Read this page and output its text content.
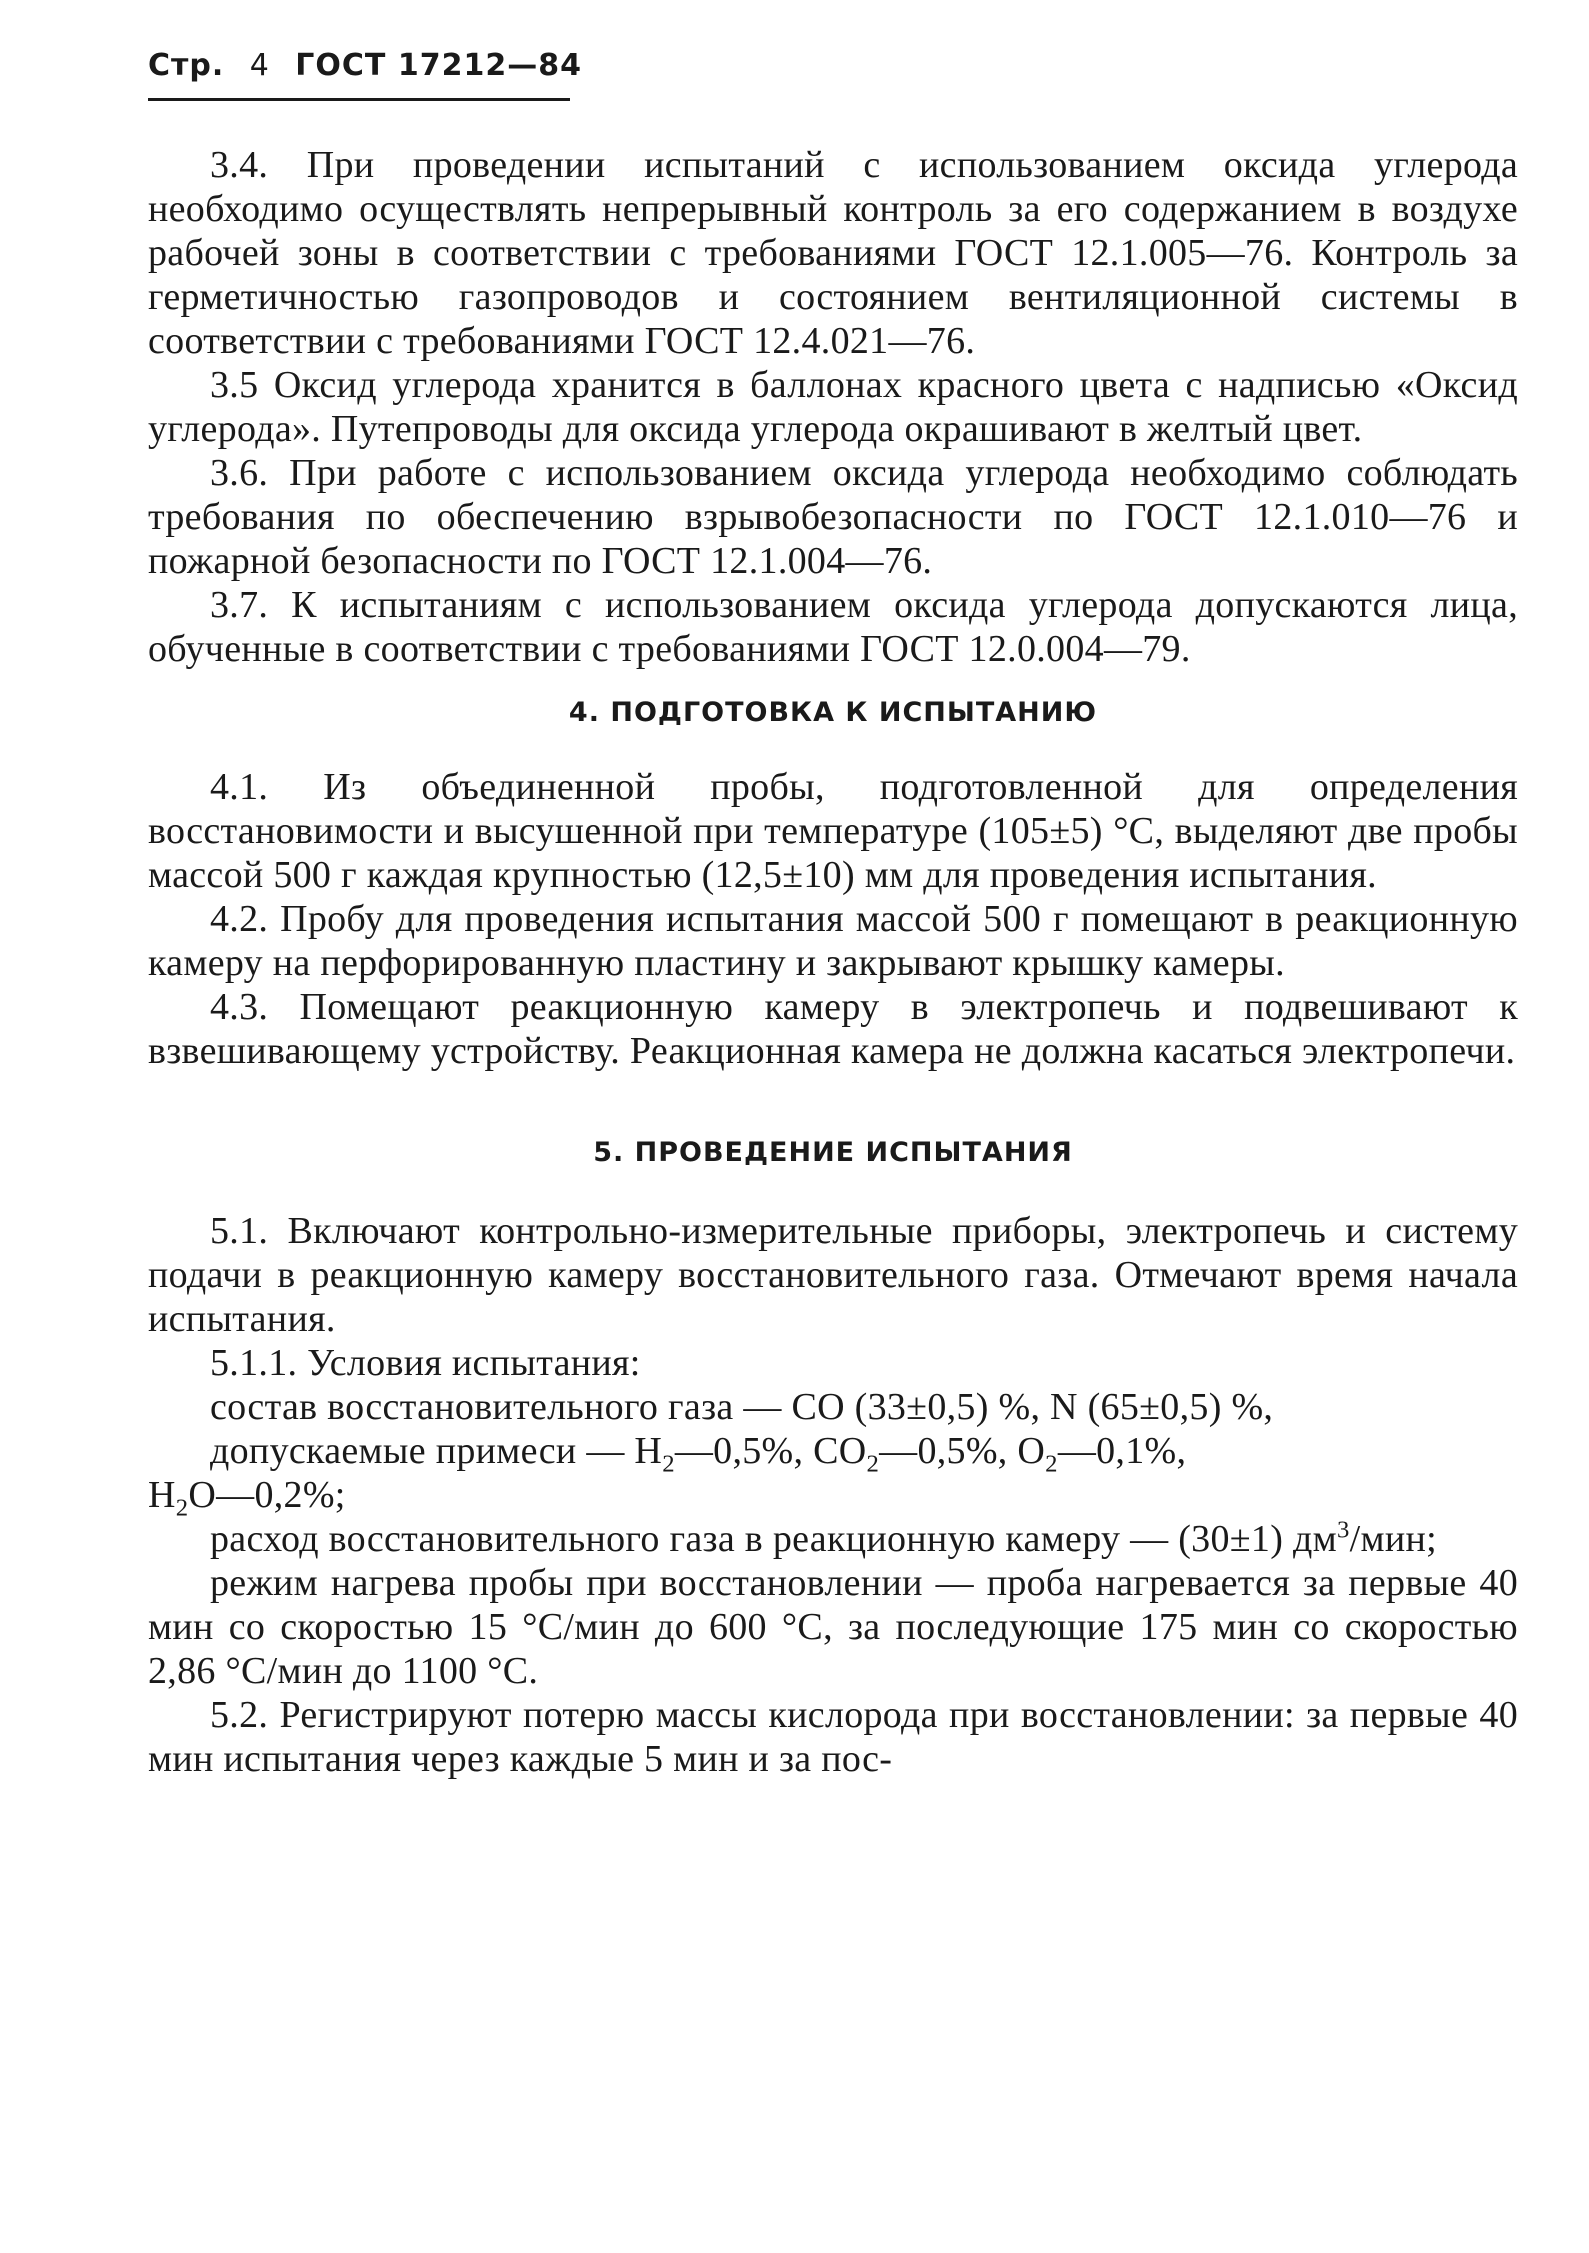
Стр. 4 ГОСТ 17212—84

3.4. При проведении испытаний с использованием оксида углерода необходимо осуществлять непрерывный контроль за его содержанием в воздухе рабочей зоны в соответствии с требованиями ГОСТ 12.1.005—76. Контроль за герметичностью газопроводов и состоянием вентиляционной системы в соответствии с требованиями ГОСТ 12.4.021—76.

3.5 Оксид углерода хранится в баллонах красного цвета с надписью «Оксид углерода». Путепроводы для оксида углерода окрашивают в желтый цвет.

3.6. При работе с использованием оксида углерода необходимо соблюдать требования по обеспечению взрывобезопасности по ГОСТ 12.1.010—76 и пожарной безопасности по ГОСТ 12.1.004—76.

3.7. К испытаниям с использованием оксида углерода допускаются лица, обученные в соответствии с требованиями ГОСТ 12.0.004—79.

4. ПОДГОТОВКА К ИСПЫТАНИЮ

4.1. Из объединенной пробы, подготовленной для определения восстановимости и высушенной при температуре (105±5) °С, выделяют две пробы массой 500 г каждая крупностью (12,5±10) мм для проведения испытания.

4.2. Пробу для проведения испытания массой 500 г помещают в реакционную камеру на перфорированную пластину и закрывают крышку камеры.

4.3. Помещают реакционную камеру в электропечь и подвешивают к взвешивающему устройству. Реакционная камера не должна касаться электропечи.

5. ПРОВЕДЕНИЕ ИСПЫТАНИЯ

5.1. Включают контрольно-измерительные приборы, электропечь и систему подачи в реакционную камеру восстановительного газа. Отмечают время начала испытания.

5.1.1. Условия испытания:

состав восстановительного газа — CO (33±0,5) %, N (65±0,5) %,

допускаемые примеси — $H_2—0,5\%$, $CO_2—0,5\%$, $O_2—0,1\%$,

$H_2O—0,2\%$;

расход восстановительного газа в реакционную камеру — (30±1) $дм^3$/мин;

режим нагрева пробы при восстановлении — проба нагревается за первые 40 мин со скоростью 15 °С/мин до 600 °С, за последующие 175 мин со скоростью 2,86 °С/мин до 1100 °С.

5.2. Регистрируют потерю массы кислорода при восстановлении: за первые 40 мин испытания через каждые 5 мин и за пос-
